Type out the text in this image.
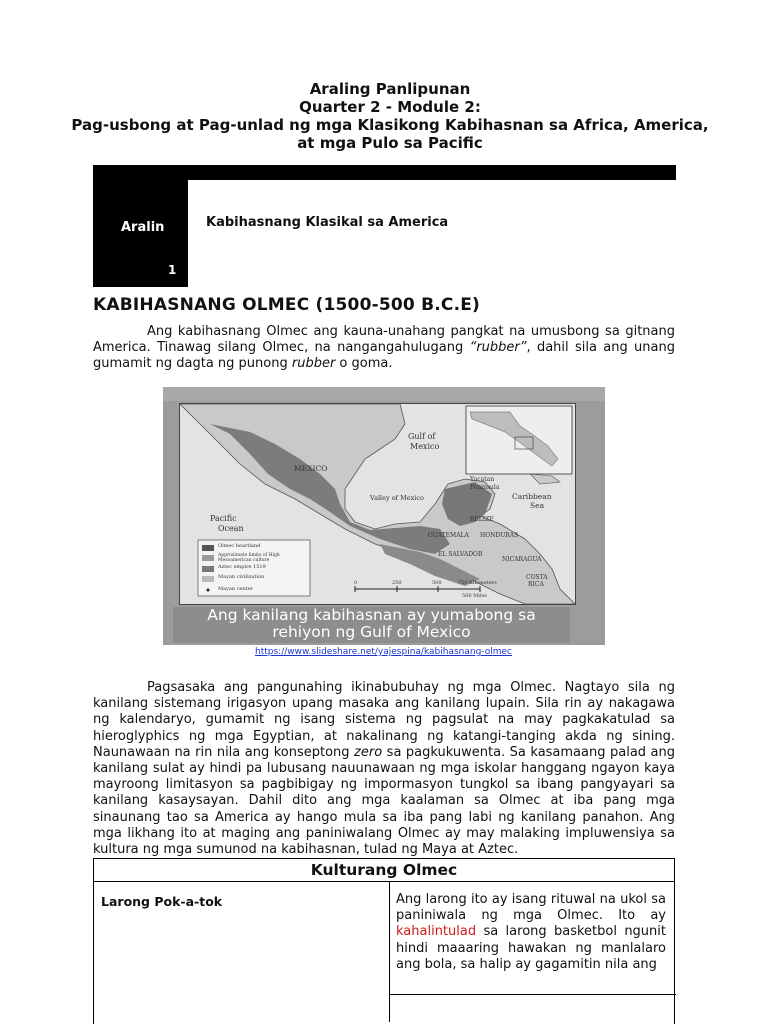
Araling Panlipunan
Quarter 2 - Module 2:
Pag-usbong at Pag-unlad ng mga Klasikong Kabihasnan sa Africa, America,
at mga Pulo sa Pacific
Aralin
1
Kabihasnang Klasikal sa America
KABIHASNANG OLMEC (1500-500 B.C.E)

Ang kabihasnang Olmec ang kauna-unahang pangkat na umusbong sa gitnang America. Tinawag silang Olmec, na nangangahulugang “rubber”, dahil sila ang unang gumamit ng dagta ng punong rubber o goma.

Gulf of
Mexico
MEXICO
Valley of Mexico
Yucatan
Peninsula
Caribbean
Sea
Pacific
Ocean
BELIZE
GUATEMALA HONDURAS
EL SALVADOR
NICARAGUA
COSTA
RICA
Olmec heartland
Approximate limits of High Mesoamerican culture
Aztec empire 1519
Mayan civilization
Mayan center
0	250	500	750 Kilometers
500 Miles
Ang kanilang kabihasnan ay yumabong sa
rehiyon ng Gulf of Mexico
https://www.slideshare.net/yajespina/kabihasnang-olmec

Pagsasaka ang pangunahing ikinabubuhay ng mga Olmec. Nagtayo sila ng kanilang sistemang irigasyon upang masaka ang kanilang lupain. Sila rin ay nakagawa ng kalendaryo, gumamit ng isang sistema ng pagsulat na may pagkakatulad sa hieroglyphics ng mga Egyptian, at nakalinang ng katangi-tanging akda ng sining. Naunawaan na rin nila ang konseptong zero sa pagkukuwenta. Sa kasamaang palad ang kanilang sulat ay hindi pa lubusang nauunawaan ng mga iskolar hanggang ngayon kaya mayroong limitasyon sa pagbibigay ng impormasyon tungkol sa ibang pangyayari sa kanilang kasaysayan. Dahil dito ang mga kaalaman sa Olmec at iba pang mga sinaunang tao sa America ay hango mula sa iba pang labi ng kanilang panahon. Ang mga likhang ito at maging ang paniniwalang Olmec ay may malaking impluwensiya sa kultura ng mga sumunod na kabihasnan, tulad ng Maya at Aztec.

Kulturang Olmec
Larong Pok-a-tok	Ang larong ito ay isang rituwal na ukol sa paniniwala ng mga Olmec. Ito ay kahalintulad sa larong basketbol ngunit hindi maaaring hawakan ng manlalaro ang bola, sa halip ay gagamitin nila ang
